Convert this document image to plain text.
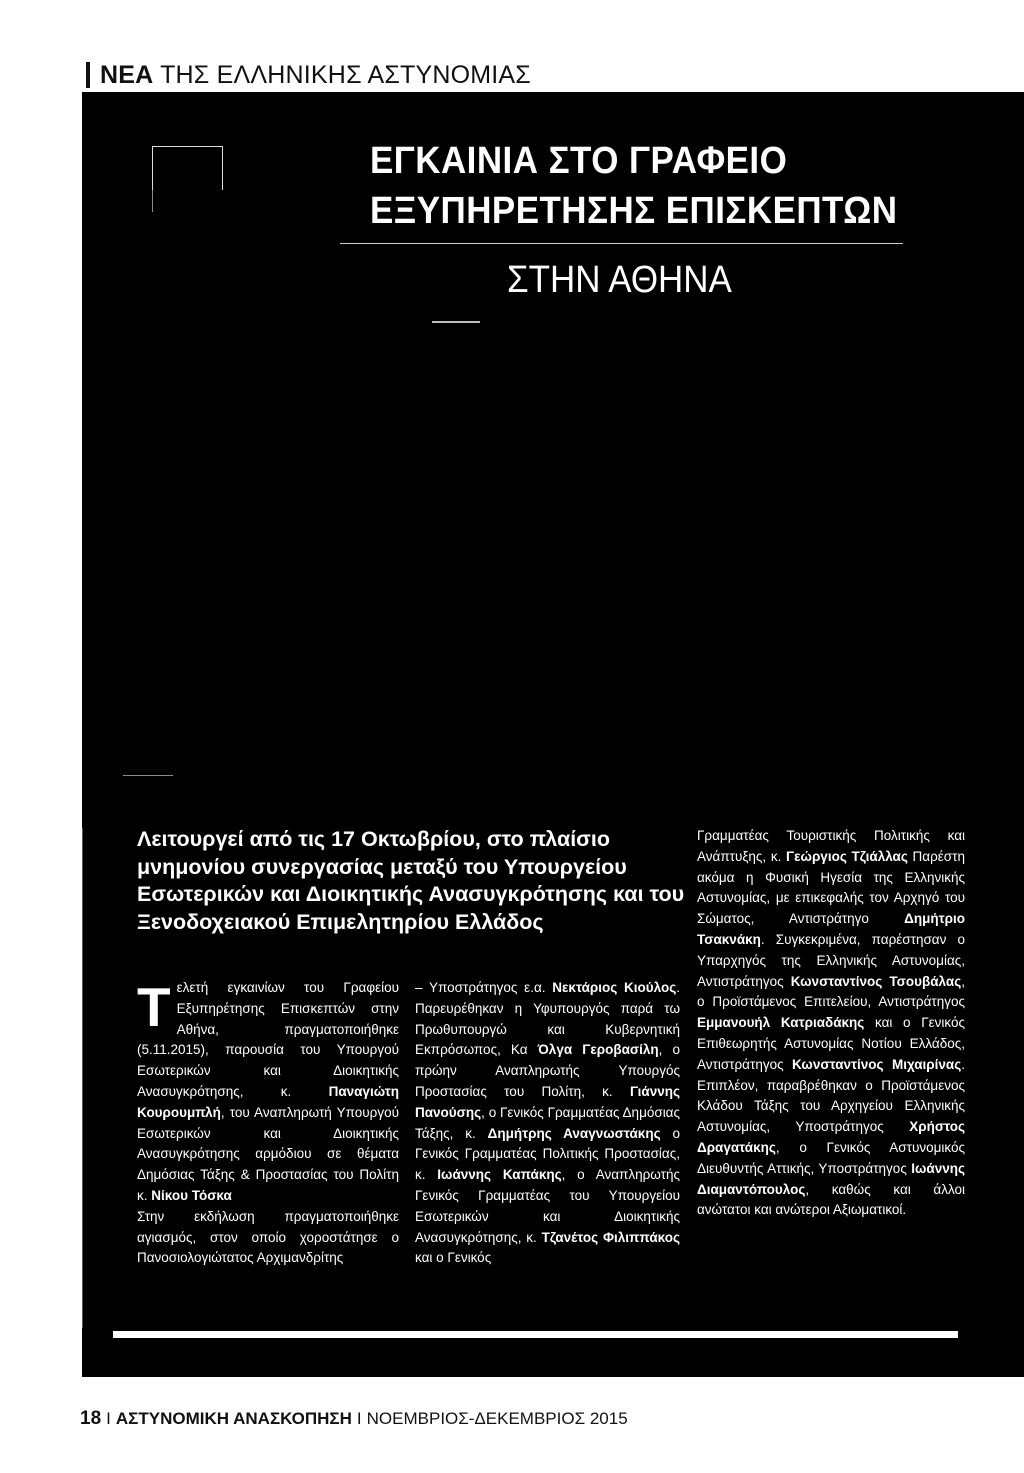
ΝΕΑ ΤΗΣ ΕΛΛΗΝΙΚΗΣ ΑΣΤΥΝΟΜΙΑΣ
ΕΓΚΑΙΝΙΑ ΣΤΟ ΓΡΑΦΕΙΟ
ΕΞΥΠΗΡΕΤΗΣΗΣ ΕΠΙΣΚΕΠΤΩΝ
ΣΤΗΝ ΑΘΗΝΑ
Λειτουργεί από τις 17 Οκτωβρίου, στο πλαίσιο μνημονίου συνεργασίας μεταξύ του Υπουργείου Εσωτερικών και Διοικητικής Ανασυγκρότησης και του Ξενοδοχειακού Επιμελητηρίου Ελλάδος

Τελετή εγκαινίων του Γραφείου Εξυπηρέτησης Επισκεπτών στην Αθήνα, πραγματοποιήθηκε (5.11.2015), παρουσία του Υπουργού Εσωτερικών και Διοικητικής Ανασυγκρότησης, κ. Παναγιώτη Κουρουμπλή, του Αναπληρωτή Υπουργού Εσωτερικών και Διοικητικής Ανασυγκρότησης αρμόδιου σε θέματα Δημόσιας Τάξης & Προστασίας του Πολίτη κ. Νίκου Τόσκα

Στην εκδήλωση πραγματοποιήθηκε αγιασμός, στον οποίο χοροστάτησε ο Πανοσιολογιώτατος Αρχιμανδρίτης

– Υποστράτηγος ε.α. Νεκτάριος Κιούλος. Παρευρέθηκαν η Υφυπουργός παρά τω Πρωθυπουργώ και Κυβερνητική Εκπρόσωπος, Κα Όλγα Γεροβασίλη, ο πρώην Αναπληρωτής Υπουργός Προστασίας του Πολίτη, κ. Γιάννης Πανούσης, ο Γενικός Γραμματέας Δημόσιας Τάξης, κ. Δημήτρης Αναγνωστάκης ο Γενικός Γραμματέας Πολιτικής Προστασίας, κ. Ιωάννης Καπάκης, ο Αναπληρωτής Γενικός Γραμματέας του Υπουργείου Εσωτερικών και Διοικητικής Ανασυγκρότησης, κ. Τζανέτος Φιλιππάκος και ο Γενικός

Γραμματέας Τουριστικής Πολιτικής και Ανάπτυξης, κ. Γεώργιος Τζιάλλας Παρέστη ακόμα η Φυσική Ηγεσία της Ελληνικής Αστυνομίας, με επικεφαλής τον Αρχηγό του Σώματος, Αντιστράτηγο Δημήτριο Τσακνάκη. Συγκεκριμένα, παρέστησαν ο Υπαρχηγός της Ελληνικής Αστυνομίας, Αντιστράτηγος Κωνσταντίνος Τσουβάλας, ο Προϊστάμενος Επιτελείου, Αντιστράτηγος Εμμανουήλ Κατριαδάκης και ο Γενικός Επιθεωρητής Αστυνομίας Νοτίου Ελλάδος, Αντιστράτηγος Κωνσταντίνος Μιχαιρίνας. Επιπλέον, παραβρέθηκαν ο Προϊστάμενος Κλάδου Τάξης του Αρχηγείου Ελληνικής Αστυνομίας, Υποστράτηγος Χρήστος Δραγατάκης, ο Γενικός Αστυνομικός Διευθυντής Αττικής, Υποστράτηγος Ιωάννης Διαμαντόπουλος, καθώς και άλλοι ανώτατοι και ανώτεροι Αξιωματικοί.

18 I ΑΣΤΥΝΟΜΙΚΗ ΑΝΑΣΚΟΠΗΣΗ I ΝΟΕΜΒΡΙΟΣ-ΔΕΚΕΜΒΡΙΟΣ 2015
